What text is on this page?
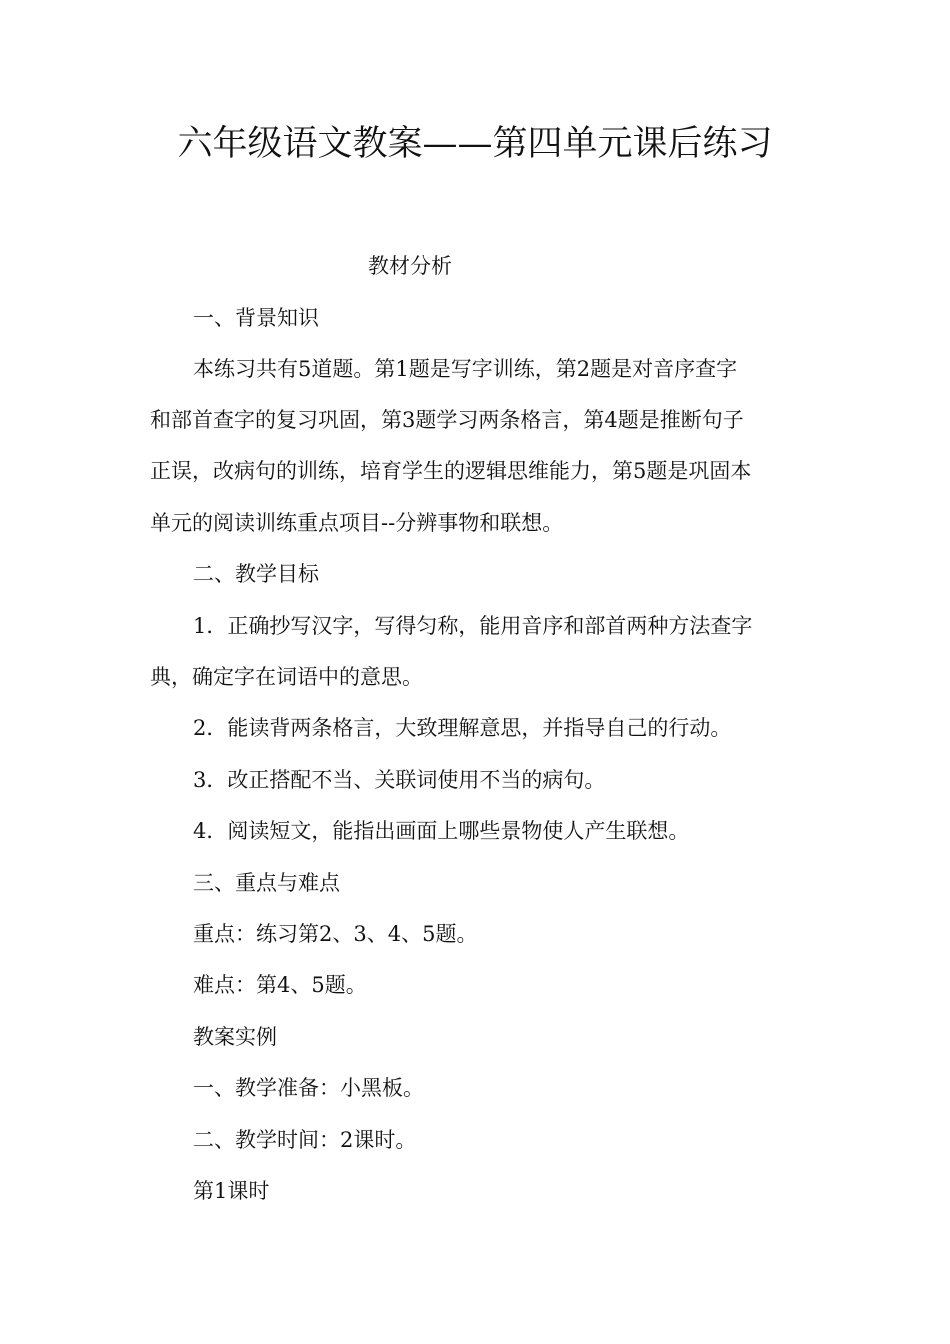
六年级语文教案——第四单元课后练习

教材分析

一、背景知识

本练习共有5道题。第1题是写字训练，第2题是对音序查字

和部首查字的复习巩固，第3题学习两条格言，第4题是推断句子

正误，改病句的训练，培育学生的逻辑思维能力，第5题是巩固本

单元的阅读训练重点项目--分辨事物和联想。

二、教学目标

1．正确抄写汉字，写得匀称，能用音序和部首两种方法查字

典，确定字在词语中的意思。

2．能读背两条格言，大致理解意思，并指导自己的行动。

3．改正搭配不当、关联词使用不当的病句。

4．阅读短文，能指出画面上哪些景物使人产生联想。

三、重点与难点

重点：练习第2、3、4、5题。

难点：第4、5题。

教案实例

一、教学准备：小黑板。

二、教学时间：2课时。

第1课时
